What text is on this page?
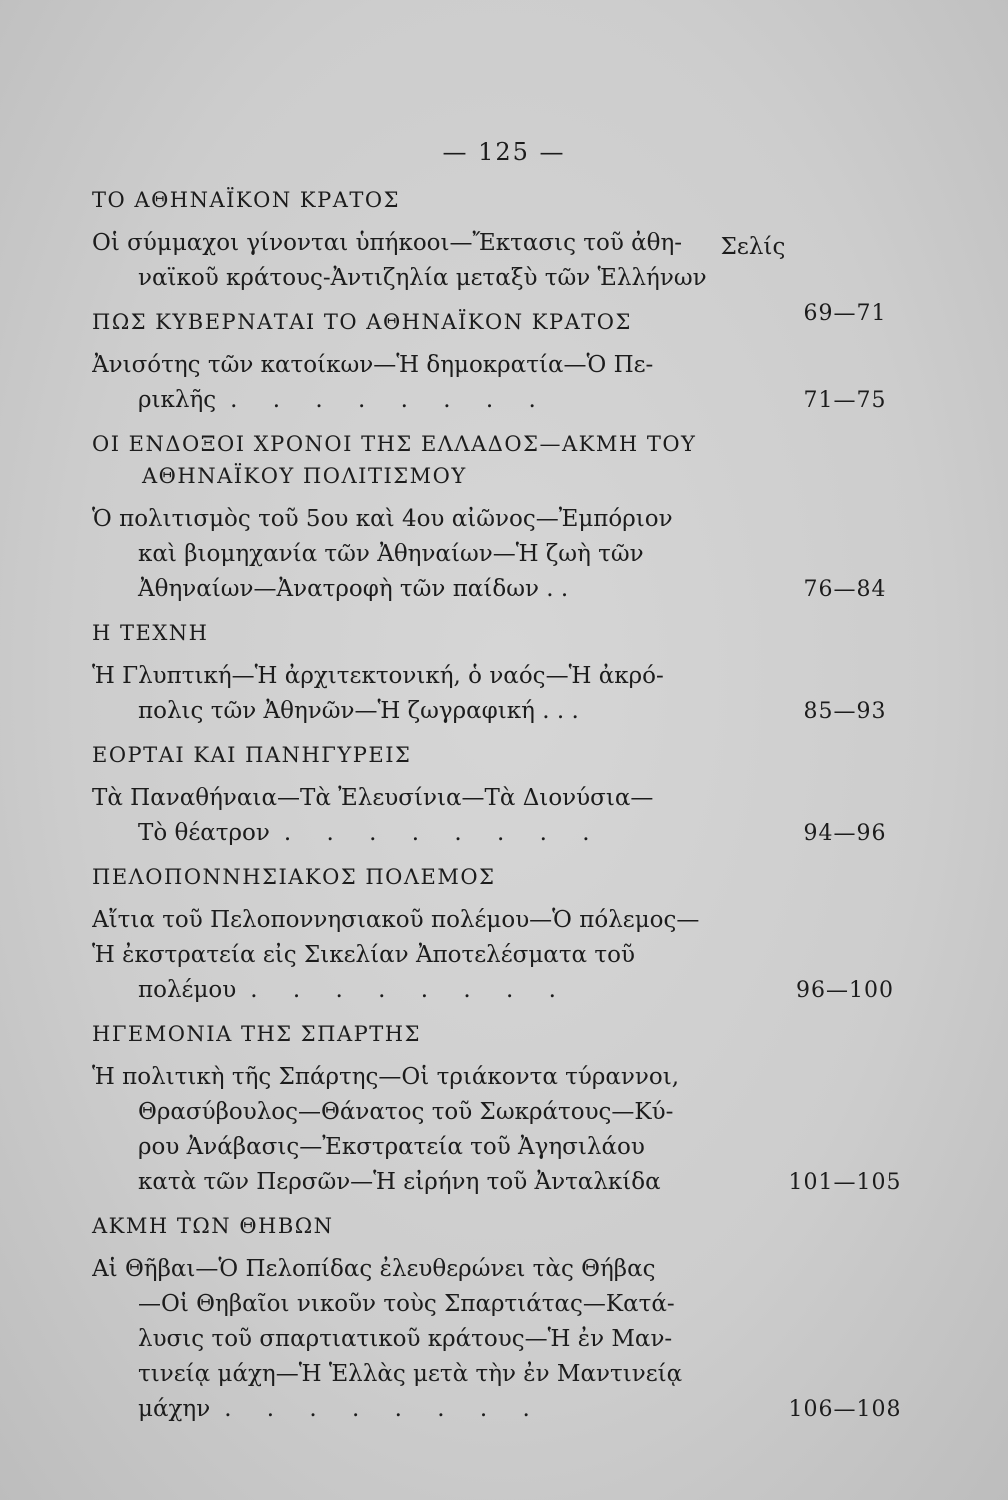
— 125 —
Σελίς
ΤΟ ΑΘΗΝΑΪΚΟΝ ΚΡΑΤΟΣ
Οἱ σύμμαχοι γίνονται ὑπήκοοι—Ἔκτασις τοῦ ἀθη-
ναϊκοῦ κράτους-Ἀντιζηλία μεταξὺ τῶν Ἑλλήνων
69—71
ΠΩΣ ΚΥΒΕΡΝΑΤΑΙ ΤΟ ΑΘΗΝΑΪΚΟΝ ΚΡΑΤΟΣ
Ἀνισότης τῶν κατοίκων—Ἡ δημοκρατία—Ὁ Πε-
ρικλῆς . . . . . . . .	71—75
ΟΙ ΕΝΔΟΞΟΙ ΧΡΟΝΟΙ ΤΗΣ ΕΛΛΑΔΟΣ—ΑΚΜΗ ΤΟΥ
ΑΘΗΝΑΪΚΟΥ ΠΟΛΙΤΙΣΜΟΥ
Ὁ πολιτισμὸς τοῦ 5ου καὶ 4ου αἰῶνος—Ἐμπόριον
καὶ βιομηχανία τῶν Ἀθηναίων—Ἡ ζωὴ τῶν
Ἀθηναίων—Ἀνατροφὴ τῶν παίδων . .	76—84
Η ΤΕΧΝΗ
Ἡ Γλυπτική—Ἡ ἀρχιτεκτονική, ὁ ναός—Ἡ ἀκρό-
πολις τῶν Ἀθηνῶν—Ἡ ζωγραφική . . .	85—93
ΕΟΡΤΑΙ ΚΑΙ ΠΑΝΗΓΥΡΕΙΣ
Τὰ Παναθήναια—Τὰ Ἐλευσίνια—Τὰ Διονύσια—
Τὸ θέατρον . . . . . . . .	94—96
ΠΕΛΟΠΟΝΝΗΣΙΑΚΟΣ ΠΟΛΕΜΟΣ
Αἴτια τοῦ Πελοποννησιακοῦ πολέμου—Ὁ πόλεμος—
Ἡ ἐκστρατεία εἰς Σικελίαν Ἀποτελέσματα τοῦ
πολέμου . . . . . . . .	96—100
ΗΓΕΜΟΝΙΑ ΤΗΣ ΣΠΑΡΤΗΣ
Ἡ πολιτικὴ τῆς Σπάρτης—Οἱ τριάκοντα τύραννοι,
Θρασύβουλος—Θάνατος τοῦ Σωκράτους—Κύ-
ρου Ἀνάβασις—Ἐκστρατεία τοῦ Ἀγησιλάου
κατὰ τῶν Περσῶν—Ἡ εἰρήνη τοῦ Ἀνταλκίδα	101—105
ΑΚΜΗ ΤΩΝ ΘΗΒΩΝ
Αἱ Θῆβαι—Ὁ Πελοπίδας ἐλευθερώνει τὰς Θήβας
—Οἱ Θηβαῖοι νικοῦν τοὺς Σπαρτιάτας—Κατά-
λυσις τοῦ σπαρτιατικοῦ κράτους—Ἡ ἐν Μαν-
τινείᾳ μάχη—Ἡ Ἑλλὰς μετὰ τὴν ἐν Μαντινείᾳ
μάχην . . . . . . . .	106—108
